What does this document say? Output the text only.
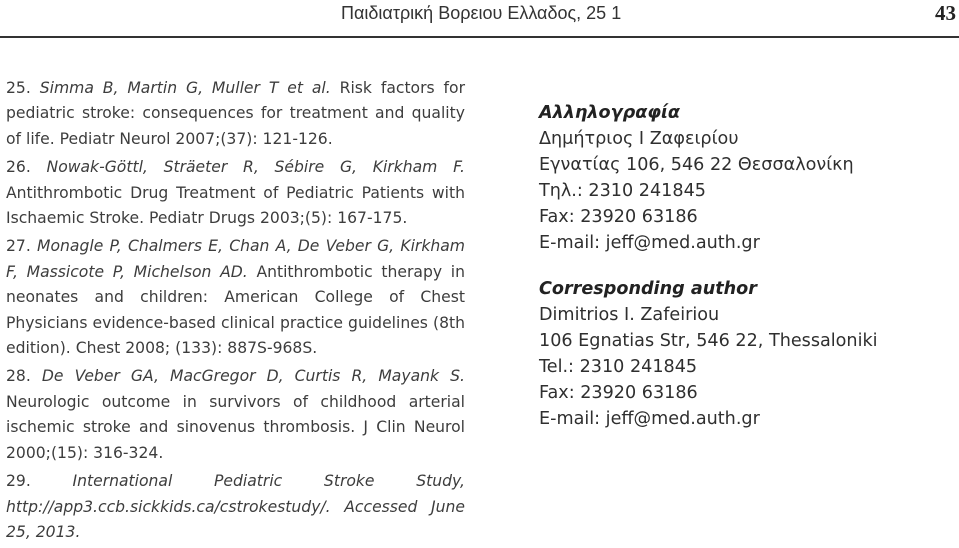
Παιδιατρική Βορειου Ελλαδος, 25 1	43
25. Simma B, Martin G, Muller T et al. Risk factors for pediatric stroke: consequences for treatment and quality of life. Pediatr Neurol 2007;(37): 121-126.
26. Nowak-Göttl, Sträeter R, Sébire G, Kirkham F. Antithrombotic Drug Treatment of Pediatric Patients with Ischaemic Stroke. Pediatr Drugs 2003;(5): 167-175.
27. Monagle P, Chalmers E, Chan A, De Veber G, Kirkham F, Massicote P, Michelson AD. Antithrombotic therapy in neonates and children: American College of Chest Physicians evidence-based clinical practice guidelines (8th edition). Chest 2008; (133): 887S-968S.
28. De Veber GA, MacGregor D, Curtis R, Mayank S. Neurologic outcome in survivors of childhood arterial ischemic stroke and sinovenus thrombosis. J Clin Neurol 2000;(15): 316-324.
29.	International Pediatric Stroke Study, http://app3.ccb.sickkids.ca/cstrokestudy/. Accessed June 25, 2013.
Αλληλογραφία
Δημήτριος Ι Ζαφειρίου
Εγνατίας 106, 546 22 Θεσσαλονίκη
Τηλ.: 2310 241845
Fax: 23920 63186
E-mail: jeff@med.auth.gr
Corresponding author
Dimitrios I. Zafeiriou
106 Egnatias Str, 546 22, Thessaloniki
Tel.: 2310 241845
Fax: 23920 63186
E-mail: jeff@med.auth.gr
